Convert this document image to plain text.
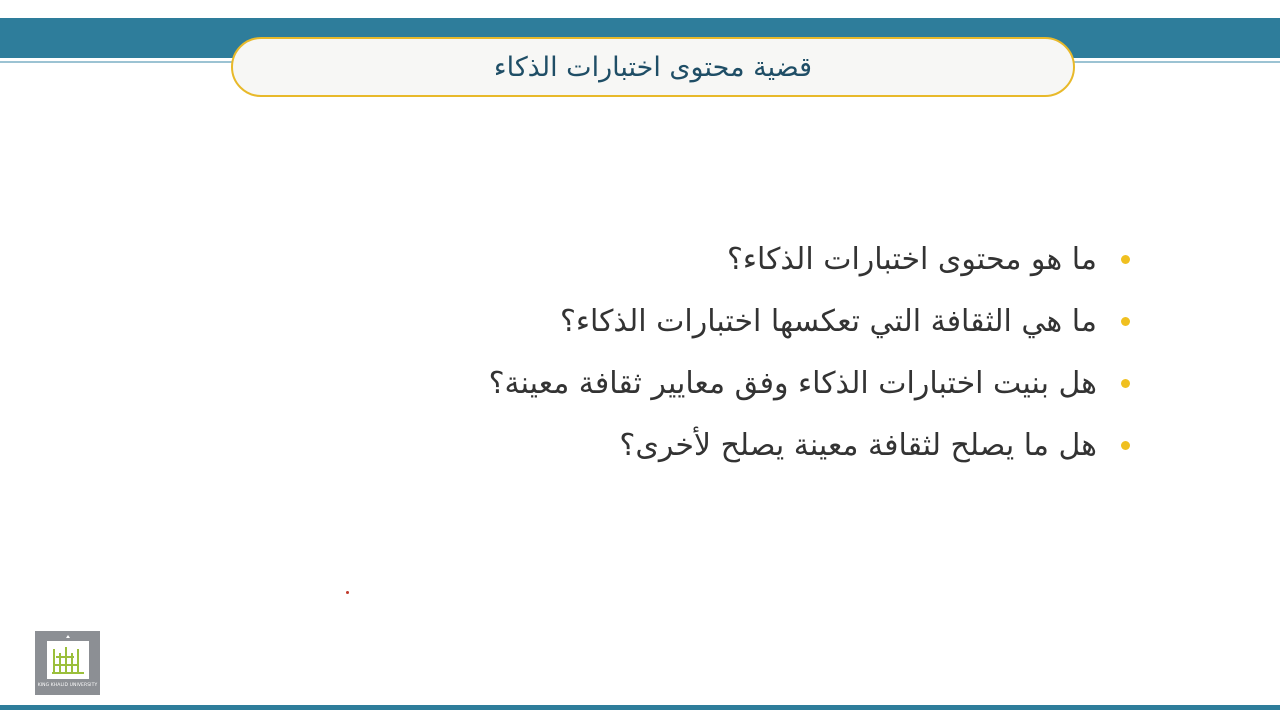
قضية محتوى اختبارات الذكاء
ما هو محتوى اختبارات الذكاء؟
ما هي الثقافة التي تعكسها اختبارات الذكاء؟
هل بنيت اختبارات الذكاء وفق معايير ثقافة معينة؟
هل ما يصلح لثقافة معينة يصلح لأخرى؟
KING KHALID UNIVERSITY
